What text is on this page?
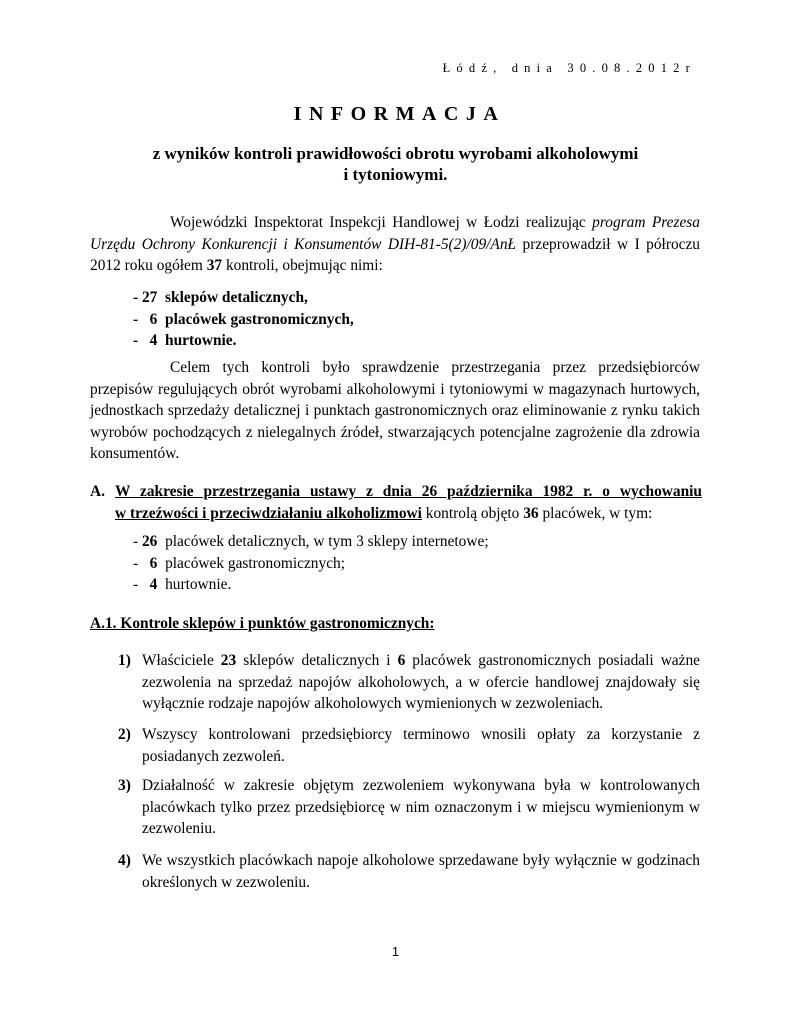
Łódź, dnia 30.08.2012r
INFORMACJA
z wyników kontroli prawidłowości obrotu wyrobami alkoholowymi
i tytoniowymi.
Wojewódzki Inspektorat Inspekcji Handlowej w Łodzi realizując program Prezesa Urzędu Ochrony Konkurencji i Konsumentów DIH-81-5(2)/09/AnŁ przeprowadził w I półroczu 2012 roku ogółem 37 kontroli, obejmując nimi:
- 27  sklepów detalicznych,
-   6  placówek gastronomicznych,
-   4  hurtownie.
Celem tych kontroli było sprawdzenie przestrzegania przez przedsiębiorców przepisów regulujących obrót wyrobami alkoholowymi i tytoniowymi w magazynach hurtowych, jednostkach sprzedaży detalicznej i punktach gastronomicznych oraz eliminowanie z rynku takich wyrobów pochodzących z nielegalnych źródeł, stwarzających potencjalne zagrożenie dla zdrowia konsumentów.
A. W zakresie przestrzegania ustawy z dnia 26 października 1982 r. o wychowaniu
w trzeźwości i przeciwdziałaniu alkoholizmowi kontrolą objęto 36 placówek, w tym:
- 26  placówek detalicznych, w tym 3 sklepy internetowe;
-   6  placówek gastronomicznych;
-   4  hurtownie.
A.1. Kontrole sklepów i punktów gastronomicznych:
1) Właściciele 23 sklepów detalicznych i 6 placówek gastronomicznych posiadali ważne zezwolenia na sprzedaż napojów alkoholowych, a w ofercie handlowej znajdowały się wyłącznie rodzaje napojów alkoholowych wymienionych w zezwoleniach.
2) Wszyscy kontrolowani przedsiębiorcy terminowo wnosili opłaty za korzystanie z posiadanych zezwoleń.
3) Działalność w zakresie objętym zezwoleniem wykonywana była w kontrolowanych placówkach tylko przez przedsiębiorcę w nim oznaczonym i w miejscu wymienionym w zezwoleniu.
4) We wszystkich placówkach napoje alkoholowe sprzedawane były wyłącznie w godzinach określonych w zezwoleniu.
1
